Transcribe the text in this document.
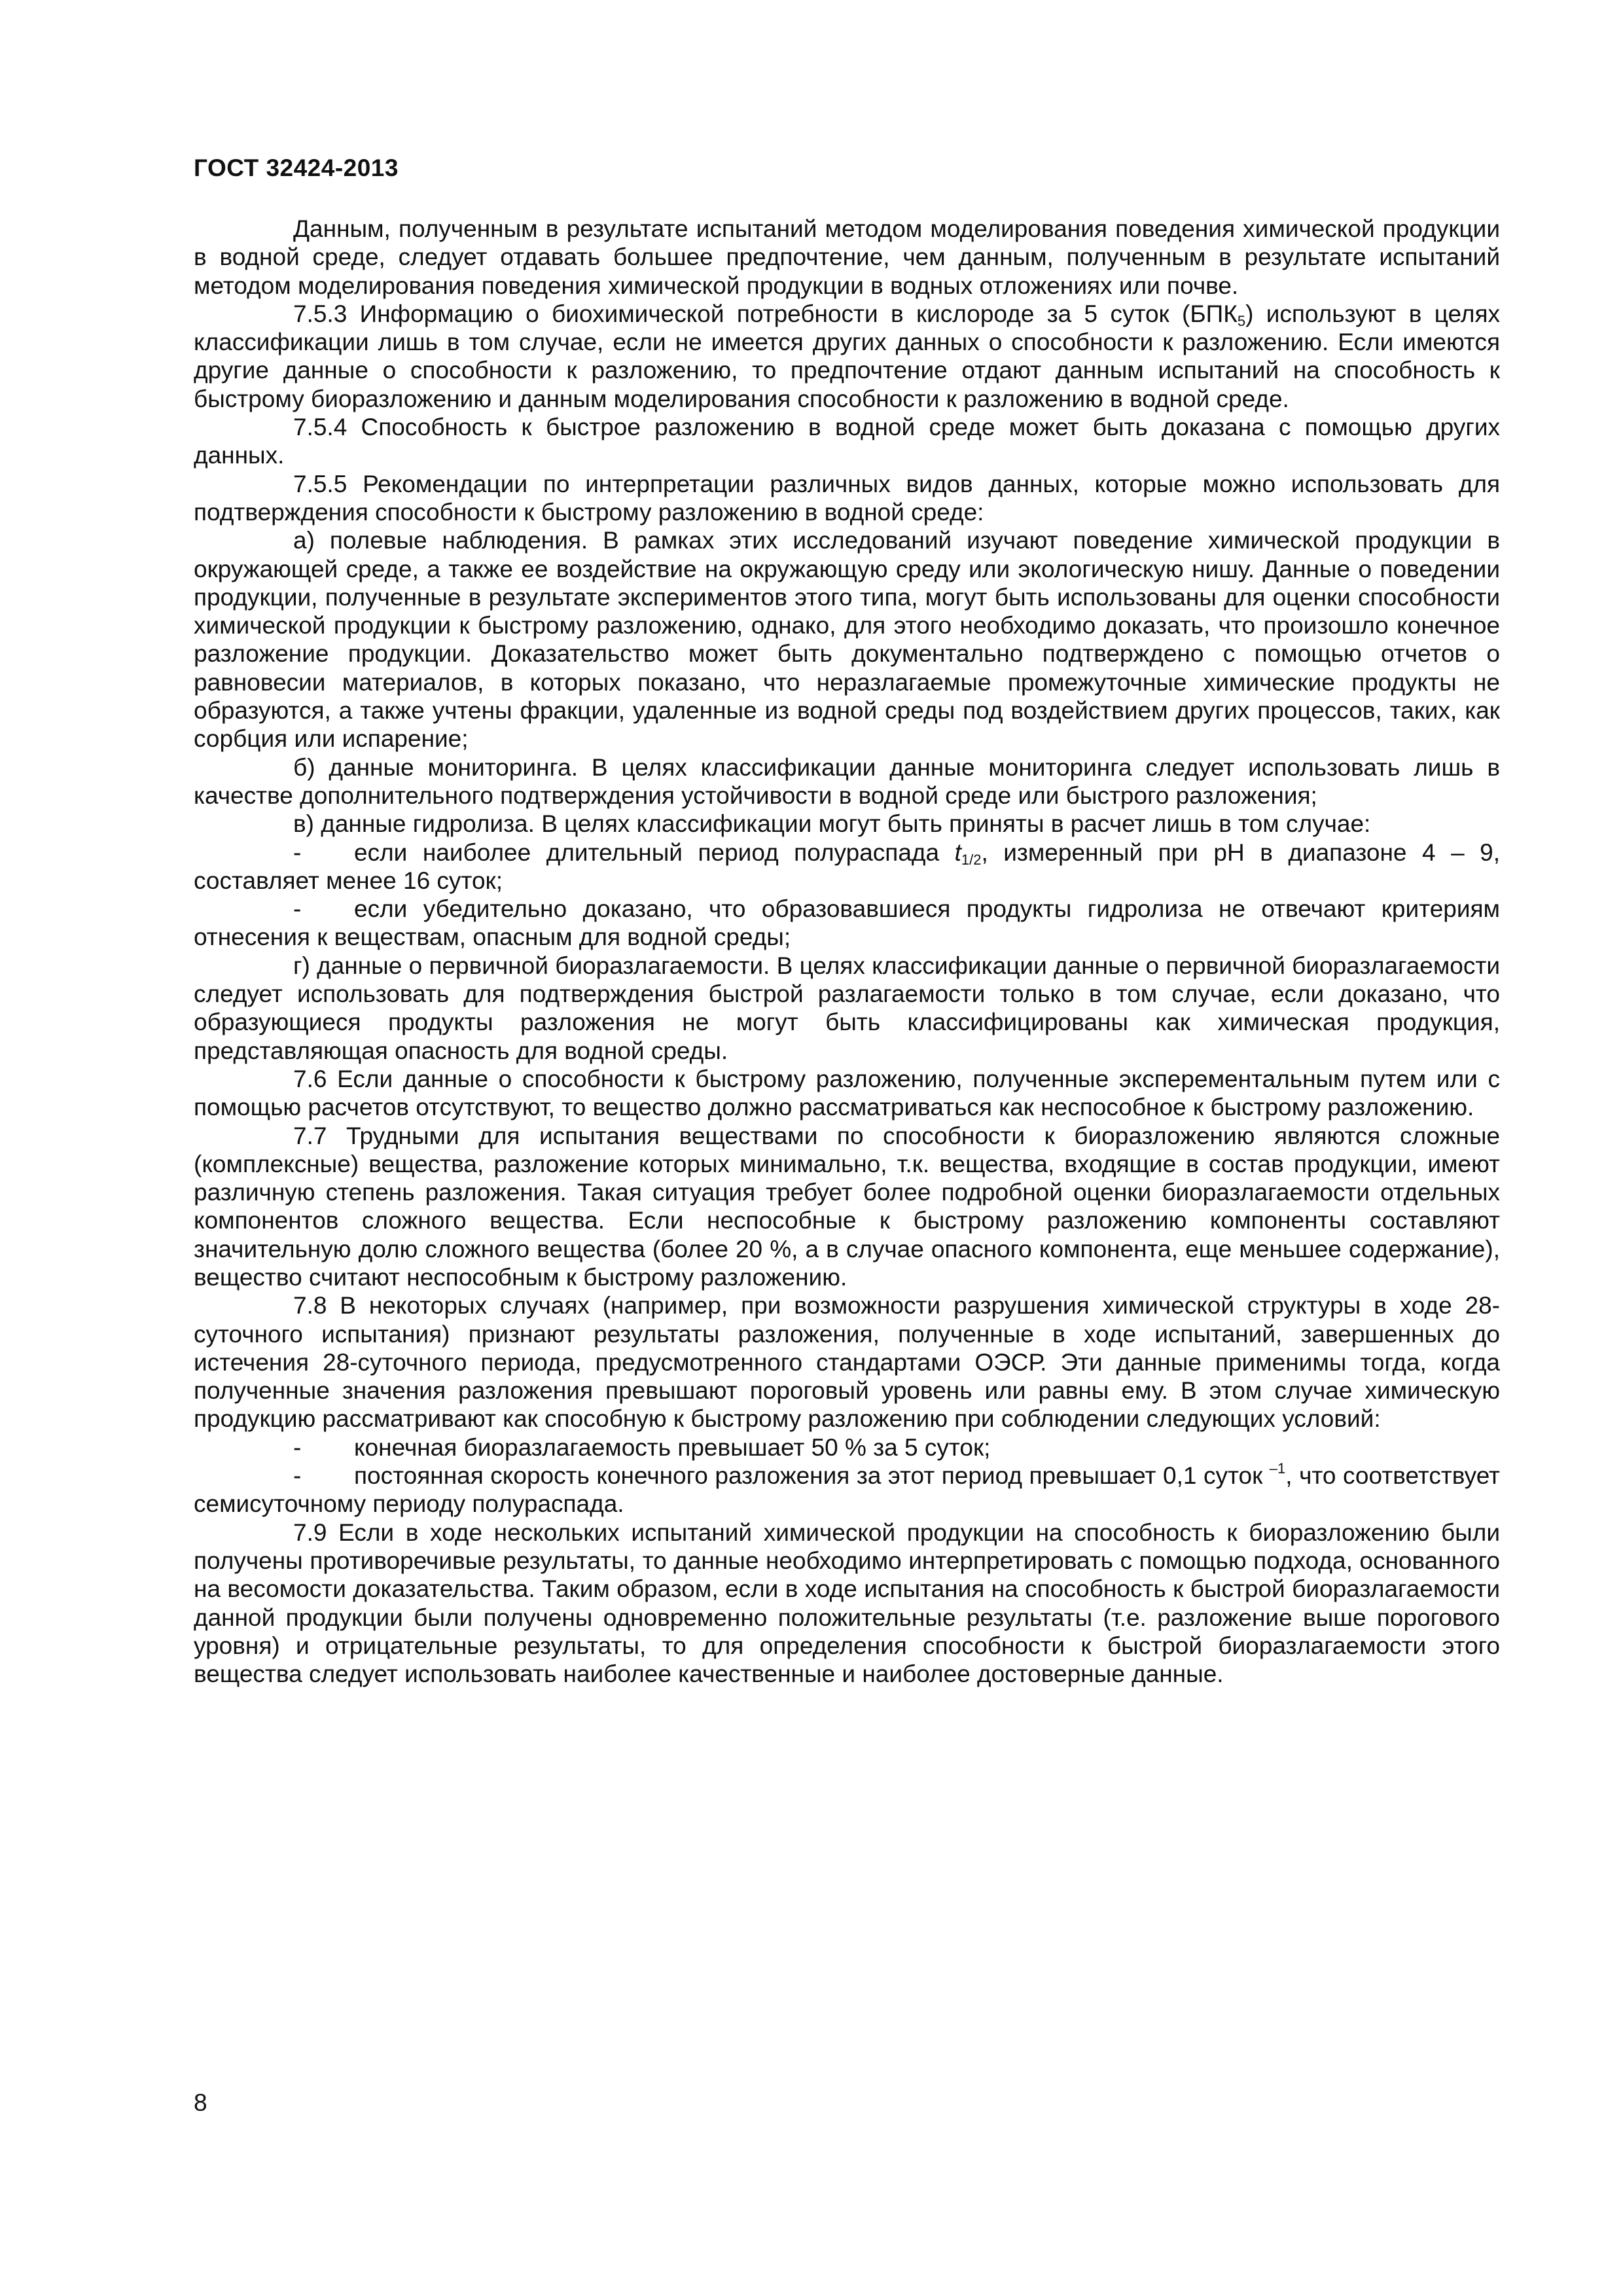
ГОСТ 32424-2013

Данным, полученным в результате испытаний методом моделирования поведения химической продукции в водной среде, следует отдавать большее предпочтение, чем данным, полученным в результате испытаний методом моделирования поведения химической продукции в водных отложениях или почве.

7.5.3 Информацию о биохимической потребности в кислороде за 5 суток $(БПК_5)$ используют в целях классификации лишь в том случае, если не имеется других данных о способности к разложению. Если имеются другие данные о способности к разложению, то предпочтение отдают данным испытаний на способность к быстрому биоразложению и данным моделирования способности к разложению в водной среде.

7.5.4 Способность к быстрое разложению в водной среде может быть доказана с помощью других данных.

7.5.5 Рекомендации по интерпретации различных видов данных, которые можно использовать для подтверждения способности к быстрому разложению в водной среде:

а) полевые наблюдения. В рамках этих исследований изучают поведение химической продукции в окружающей среде, а также ее воздействие на окружающую среду или экологическую нишу. Данные о поведении продукции, полученные в результате экспериментов этого типа, могут быть использованы для оценки способности химической продукции к быстрому разложению, однако, для этого необходимо доказать, что произошло конечное разложение продукции. Доказательство может быть документально подтверждено с помощью отчетов о равновесии материалов, в которых показано, что неразлагаемые промежуточные химические продукты не образуются, а также учтены фракции, удаленные из водной среды под воздействием других процессов, таких, как сорбция или испарение;

б) данные мониторинга. В целях классификации данные мониторинга следует использовать лишь в качестве дополнительного подтверждения устойчивости в водной среде или быстрого разложения;

в) данные гидролиза. В целях классификации могут быть приняты в расчет лишь в том случае:

- если наиболее длительный период полураспада $t_{1/2}$, измеренный при pH в диапазоне 4 – 9, составляет менее 16 суток;

- если убедительно доказано, что образовавшиеся продукты гидролиза не отвечают критериям отнесения к веществам, опасным для водной среды;

г) данные о первичной биоразлагаемости. В целях классификации данные о первичной биоразлагаемости следует использовать для подтверждения быстрой разлагаемости только в том случае, если доказано, что образующиеся продукты разложения не могут быть классифицированы как химическая продукция, представляющая опасность для водной среды.

7.6 Если данные о способности к быстрому разложению, полученные эксперементальным путем или с помощью расчетов отсутствуют, то вещество должно рассматриваться как неспособное к быстрому разложению.

7.7 Трудными для испытания веществами по способности к биоразложению являются сложные (комплексные) вещества, разложение которых минимально, т.к. вещества, входящие в состав продукции, имеют различную степень разложения. Такая ситуация требует более подробной оценки биоразлагаемости отдельных компонентов сложного вещества. Если неспособные к быстрому разложению компоненты составляют значительную долю сложного вещества (более 20 %, а в случае опасного компонента, еще меньшее содержание), вещество считают неспособным к быстрому разложению.

7.8 В некоторых случаях (например, при возможности разрушения химической структуры в ходе 28-суточного испытания) признают результаты разложения, полученные в ходе испытаний, завершенных до истечения 28-суточного периода, предусмотренного стандартами ОЭСР. Эти данные применимы тогда, когда полученные значения разложения превышают пороговый уровень или равны ему. В этом случае химическую продукцию рассматривают как способную к быстрому разложению при соблюдении следующих условий:

- конечная биоразлагаемость превышает 50 % за 5 суток;

- постоянная скорость конечного разложения за этот период превышает 0,1 суток $^{-1}$, что соответствует семисуточному периоду полураспада.

7.9 Если в ходе нескольких испытаний химической продукции на способность к биоразложению были получены противоречивые результаты, то данные необходимо интерпретировать с помощью подхода, основанного на весомости доказательства. Таким образом, если в ходе испытания на способность к быстрой биоразлагаемости данной продукции были получены одновременно положительные результаты (т.е. разложение выше порогового уровня) и отрицательные результаты, то для определения способности к быстрой биоразлагаемости этого вещества следует использовать наиболее качественные и наиболее достоверные данные.

8
